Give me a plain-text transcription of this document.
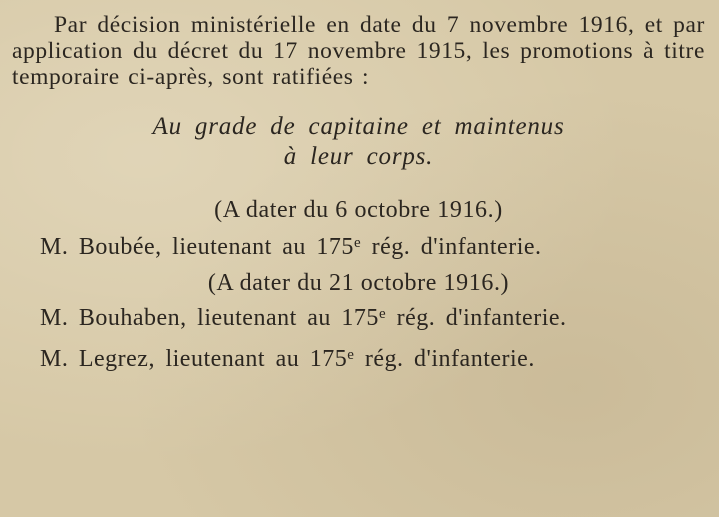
Par décision ministérielle en date du 7 novembre 1916, et par application du décret du 17 novembre 1915, les promotions à titre temporaire ci-après, sont ratifiées :

Au grade de capitaine et maintenus
à leur corps.

(A dater du 6 octobre 1916.)

M. Boubée, lieutenant au 175e rég. d'infanterie.

(A dater du 21 octobre 1916.)

M. Bouhaben, lieutenant au 175e rég. d'infanterie.

M. Legrez, lieutenant au 175e rég. d'infanterie.
